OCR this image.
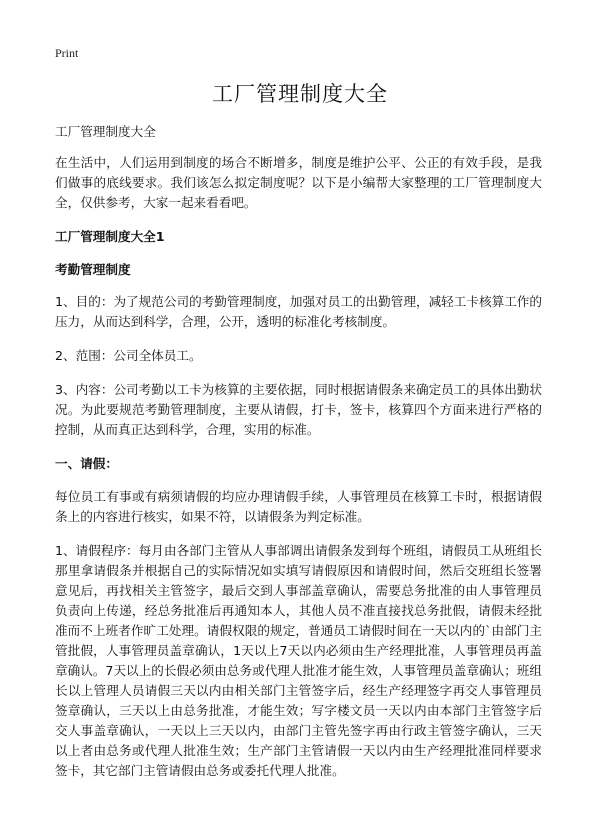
Print
工厂管理制度大全

工厂管理制度大全

在生活中，人们运用到制度的场合不断增多，制度是维护公平、公正的有效手段，是我们做事的底线要求。我们该怎么拟定制度呢？以下是小编帮大家整理的工厂管理制度大全，仅供参考，大家一起来看看吧。

工厂管理制度大全1
考勤管理制度

1、目的：为了规范公司的考勤管理制度，加强对员工的出勤管理，减轻工卡核算工作的压力，从而达到科学，合理，公开，透明的标准化考核制度。

2、范围：公司全体员工。

3、内容：公司考勤以工卡为核算的主要依据，同时根据请假条来确定员工的具体出勤状况。为此要规范考勤管理制度，主要从请假，打卡，签卡，核算四个方面来进行严格的控制，从而真正达到科学，合理，实用的标准。

一、请假：

每位员工有事或有病须请假的均应办理请假手续，人事管理员在核算工卡时，根据请假条上的内容进行核实，如果不符，以请假条为判定标准。

1、请假程序：每月由各部门主管从人事部调出请假条发到每个班组，请假员工从班组长那里拿请假条并根据自己的实际情况如实填写请假原因和请假时间，然后交班组长签署意见后，再找相关主管签字，最后交到人事部盖章确认，需要总务批准的由人事管理员负责向上传递，经总务批准后再通知本人，其他人员不准直接找总务批假，请假未经批准而不上班者作旷工处理。请假权限的规定，普通员工请假时间在一天以内的`由部门主管批假，人事管理员盖章确认，1天以上7天以内必须由生产经理批准，人事管理员再盖章确认。7天以上的长假必须由总务或代理人批准才能生效，人事管理员盖章确认；班组长以上管理人员请假三天以内由相关部门主管签字后，经生产经理签字再交人事管理员签章确认，三天以上由总务批准，才能生效；写字楼文员一天以内由本部门主管签字后交人事盖章确认，一天以上三天以内，由部门主管先签字再由行政主管签字确认，三天以上者由总务或代理人批准生效；生产部门主管请假一天以内由生产经理批准同样要求签卡，其它部门主管请假由总务或委托代理人批准。
